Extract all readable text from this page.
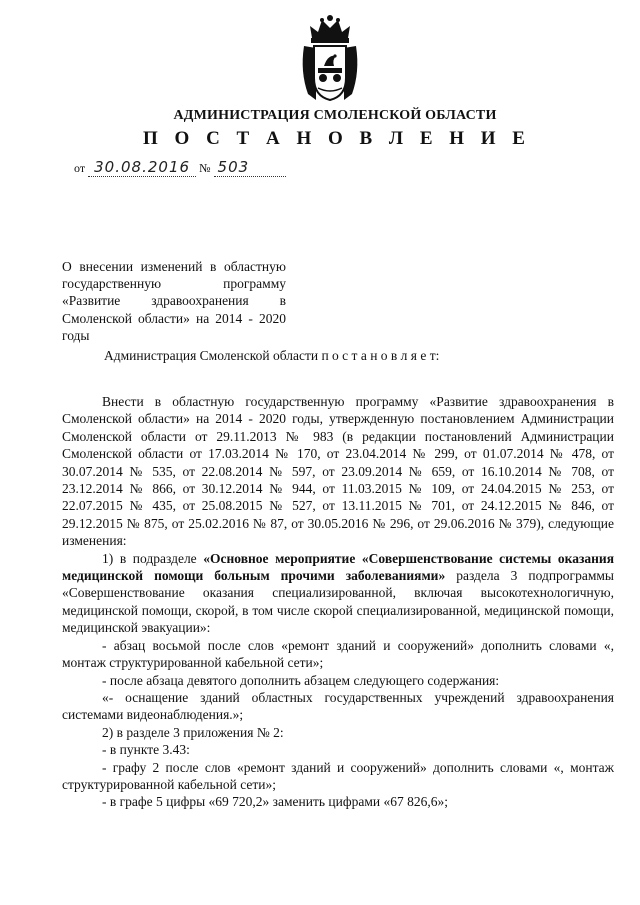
АДМИНИСТРАЦИЯ СМОЛЕНСКОЙ ОБЛАСТИ
П О С Т А Н О В Л Е Н И Е
от 30.08.2016 № 503
О внесении изменений в областную государственную программу «Развитие здравоохранения в Смоленской области» на 2014 - 2020 годы
Администрация Смоленской области п о с т а н о в л я е т:

Внести в областную государственную программу «Развитие здравоохранения в Смоленской области» на 2014 - 2020 годы, утвержденную постановлением Администрации Смоленской области от 29.11.2013 № 983 (в редакции постановлений Администрации Смоленской области от 17.03.2014 № 170, от 23.04.2014 № 299, от 01.07.2014 № 478, от 30.07.2014 № 535, от 22.08.2014 № 597, от 23.09.2014 № 659, от 16.10.2014 № 708, от 23.12.2014 № 866, от 30.12.2014 № 944, от 11.03.2015 № 109, от 24.04.2015 № 253, от 22.07.2015 № 435, от 25.08.2015 № 527, от 13.11.2015 № 701, от 24.12.2015 № 846, от 29.12.2015 № 875, от 25.02.2016 № 87, от 30.05.2016 № 296, от 29.06.2016 № 379), следующие изменения:

1) в подразделе «Основное мероприятие «Совершенствование системы оказания медицинской помощи больным прочими заболеваниями» раздела 3 подпрограммы «Совершенствование оказания специализированной, включая высокотехнологичную, медицинской помощи, скорой, в том числе скорой специализированной, медицинской помощи, медицинской эвакуации»:

- абзац восьмой после слов «ремонт зданий и сооружений» дополнить словами «, монтаж структурированной кабельной сети»;

- после абзаца девятого дополнить абзацем следующего содержания:

«- оснащение зданий областных государственных учреждений здравоохранения системами видеонаблюдения.»;

2) в разделе 3 приложения № 2:

- в пункте 3.43:

- графу 2 после слов «ремонт зданий и сооружений» дополнить словами «, монтаж структурированной кабельной сети»;

- в графе 5 цифры «69 720,2» заменить цифрами «67 826,6»;
